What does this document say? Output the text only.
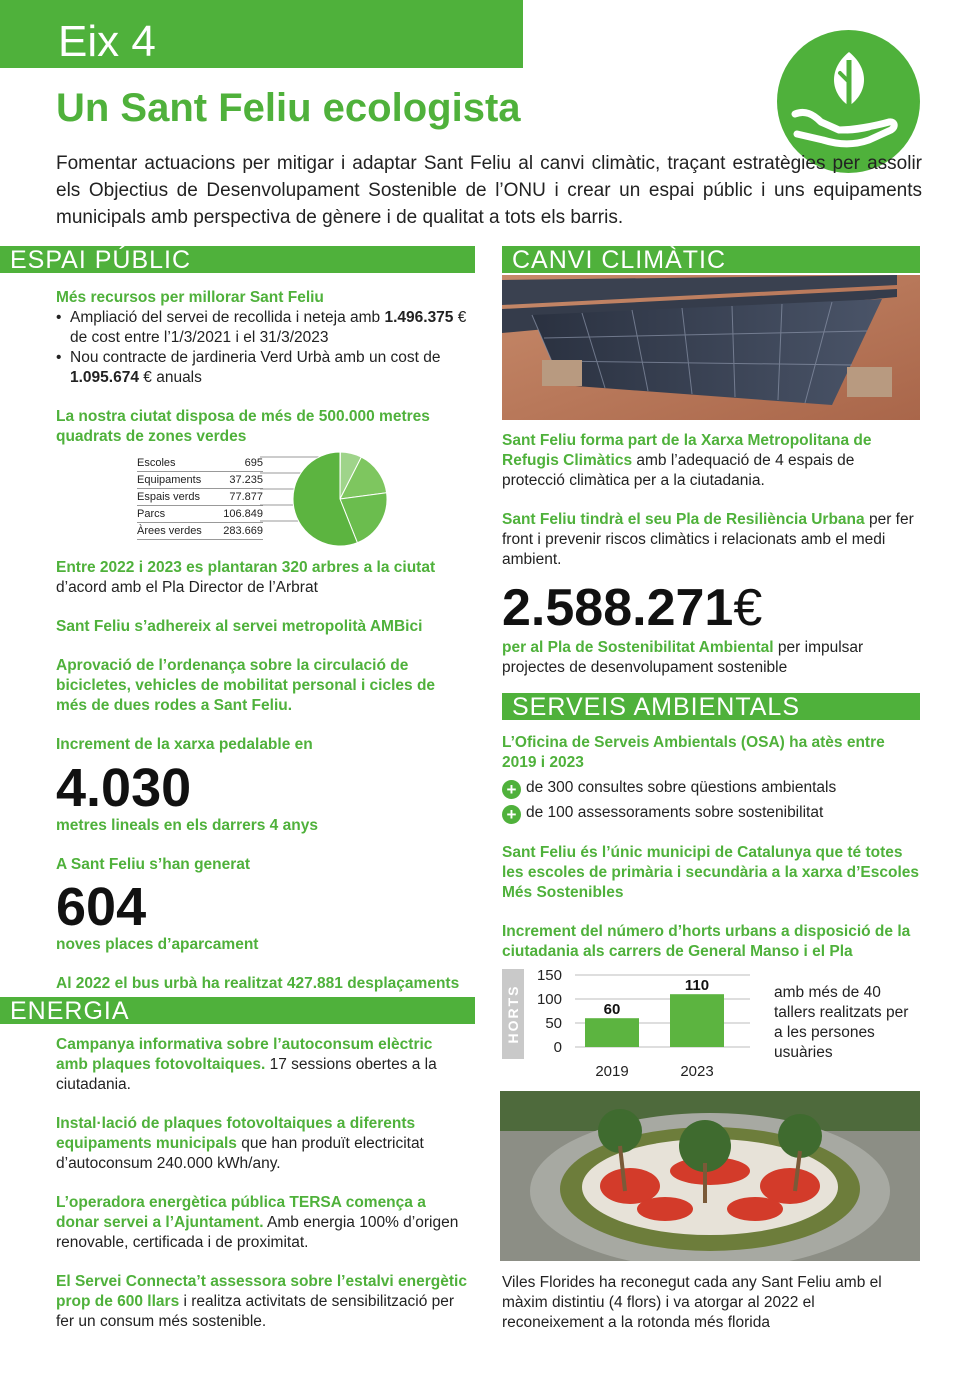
Eix 4
Un Sant Feliu ecologista
Fomentar actuacions per mitigar i adaptar Sant Feliu al canvi climàtic, traçant estratègies per assolir els Objectius de Desenvolupament Sostenible de l’ONU i crear un espai públic i uns equipaments municipals amb perspectiva de gènere i de qualitat a tots els barris.
ESPAI PÚBLIC

Més recursos per millorar Sant Feliu

• Ampliació del servei de recollida i neteja amb 1.496.375 € de cost entre l’1/3/2021 i el 31/3/2023
• Nou contracte de jardineria Verd Urbà amb un cost de 1.095.674 € anuals

La nostra ciutat disposa de més de 500.000 metres quadrats de zones verdes

Escoles	695
Equipaments	37.235
Espais verds	77.877
Parcs	106.849
Àrees verdes 283.669

Entre 2022 i 2023 es plantaran 320 arbres a la ciutat d’acord amb el Pla Director de l’Arbrat

Sant Feliu s’adhereix al servei metropolità AMBici

Aprovació de l’ordenança sobre la circulació de bicicletes, vehicles de mobilitat personal i cicles de més de dues rodes a Sant Feliu.

Increment de la xarxa pedalable en

4.030

metres lineals en els darrers 4 anys

A Sant Feliu s’han generat

604

noves places d’aparcament

Al 2022 el bus urbà ha realitzat 427.881 desplaçaments

ENERGIA

Campanya informativa sobre l’autoconsum elèctric amb plaques fotovoltaiques. 17 sessions obertes a la ciutadania.

Instal·lació de plaques fotovoltaiques a diferents equipaments municipals que han produït electricitat d’autoconsum 240.000 kWh/any.

L’operadora energètica pública TERSA comença a donar servei a l’Ajuntament. Amb energia 100% d’origen renovable, certificada i de proximitat.

El Servei Connecta’t assessora sobre l’estalvi energètic prop de 600 llars i realitza activitats de sensibilització per fer un consum més sostenible.

CANVI CLIMÀTIC

Sant Feliu forma part de la Xarxa Metropolitana de Refugis Climàtics amb l’adequació de 4 espais de protecció climàtica per a la ciutadania.

Sant Feliu tindrà el seu Pla de Resiliència Urbana per fer front i prevenir riscos climàtics i relacionats amb el medi ambient.

2.588.271€

per al Pla de Sostenibilitat Ambiental per impulsar projectes de desenvolupament sostenible

SERVEIS AMBIENTALS

L’Oficina de Serveis Ambientals (OSA) ha atès entre 2019 i 2023

+ de 300 consultes sobre qüestions ambientals

+ de 100 assessoraments sobre sostenibilitat

Sant Feliu és l’únic municipi de Catalunya que té totes les escoles de primària i secundària a la xarxa d’Escoles Més Sostenibles

Increment del número d’horts urbans a disposició de la ciutadania als carrers de General Manso i el Pla

HORTS
150
100
50
0
60
2019
110
2023

amb més de 40 tallers realitzats per a les persones usuàries

Viles Florides ha reconegut cada any Sant Feliu amb el màxim distintiu (4 flors) i va atorgar al 2022 el reconeixement a la rotonda més florida
